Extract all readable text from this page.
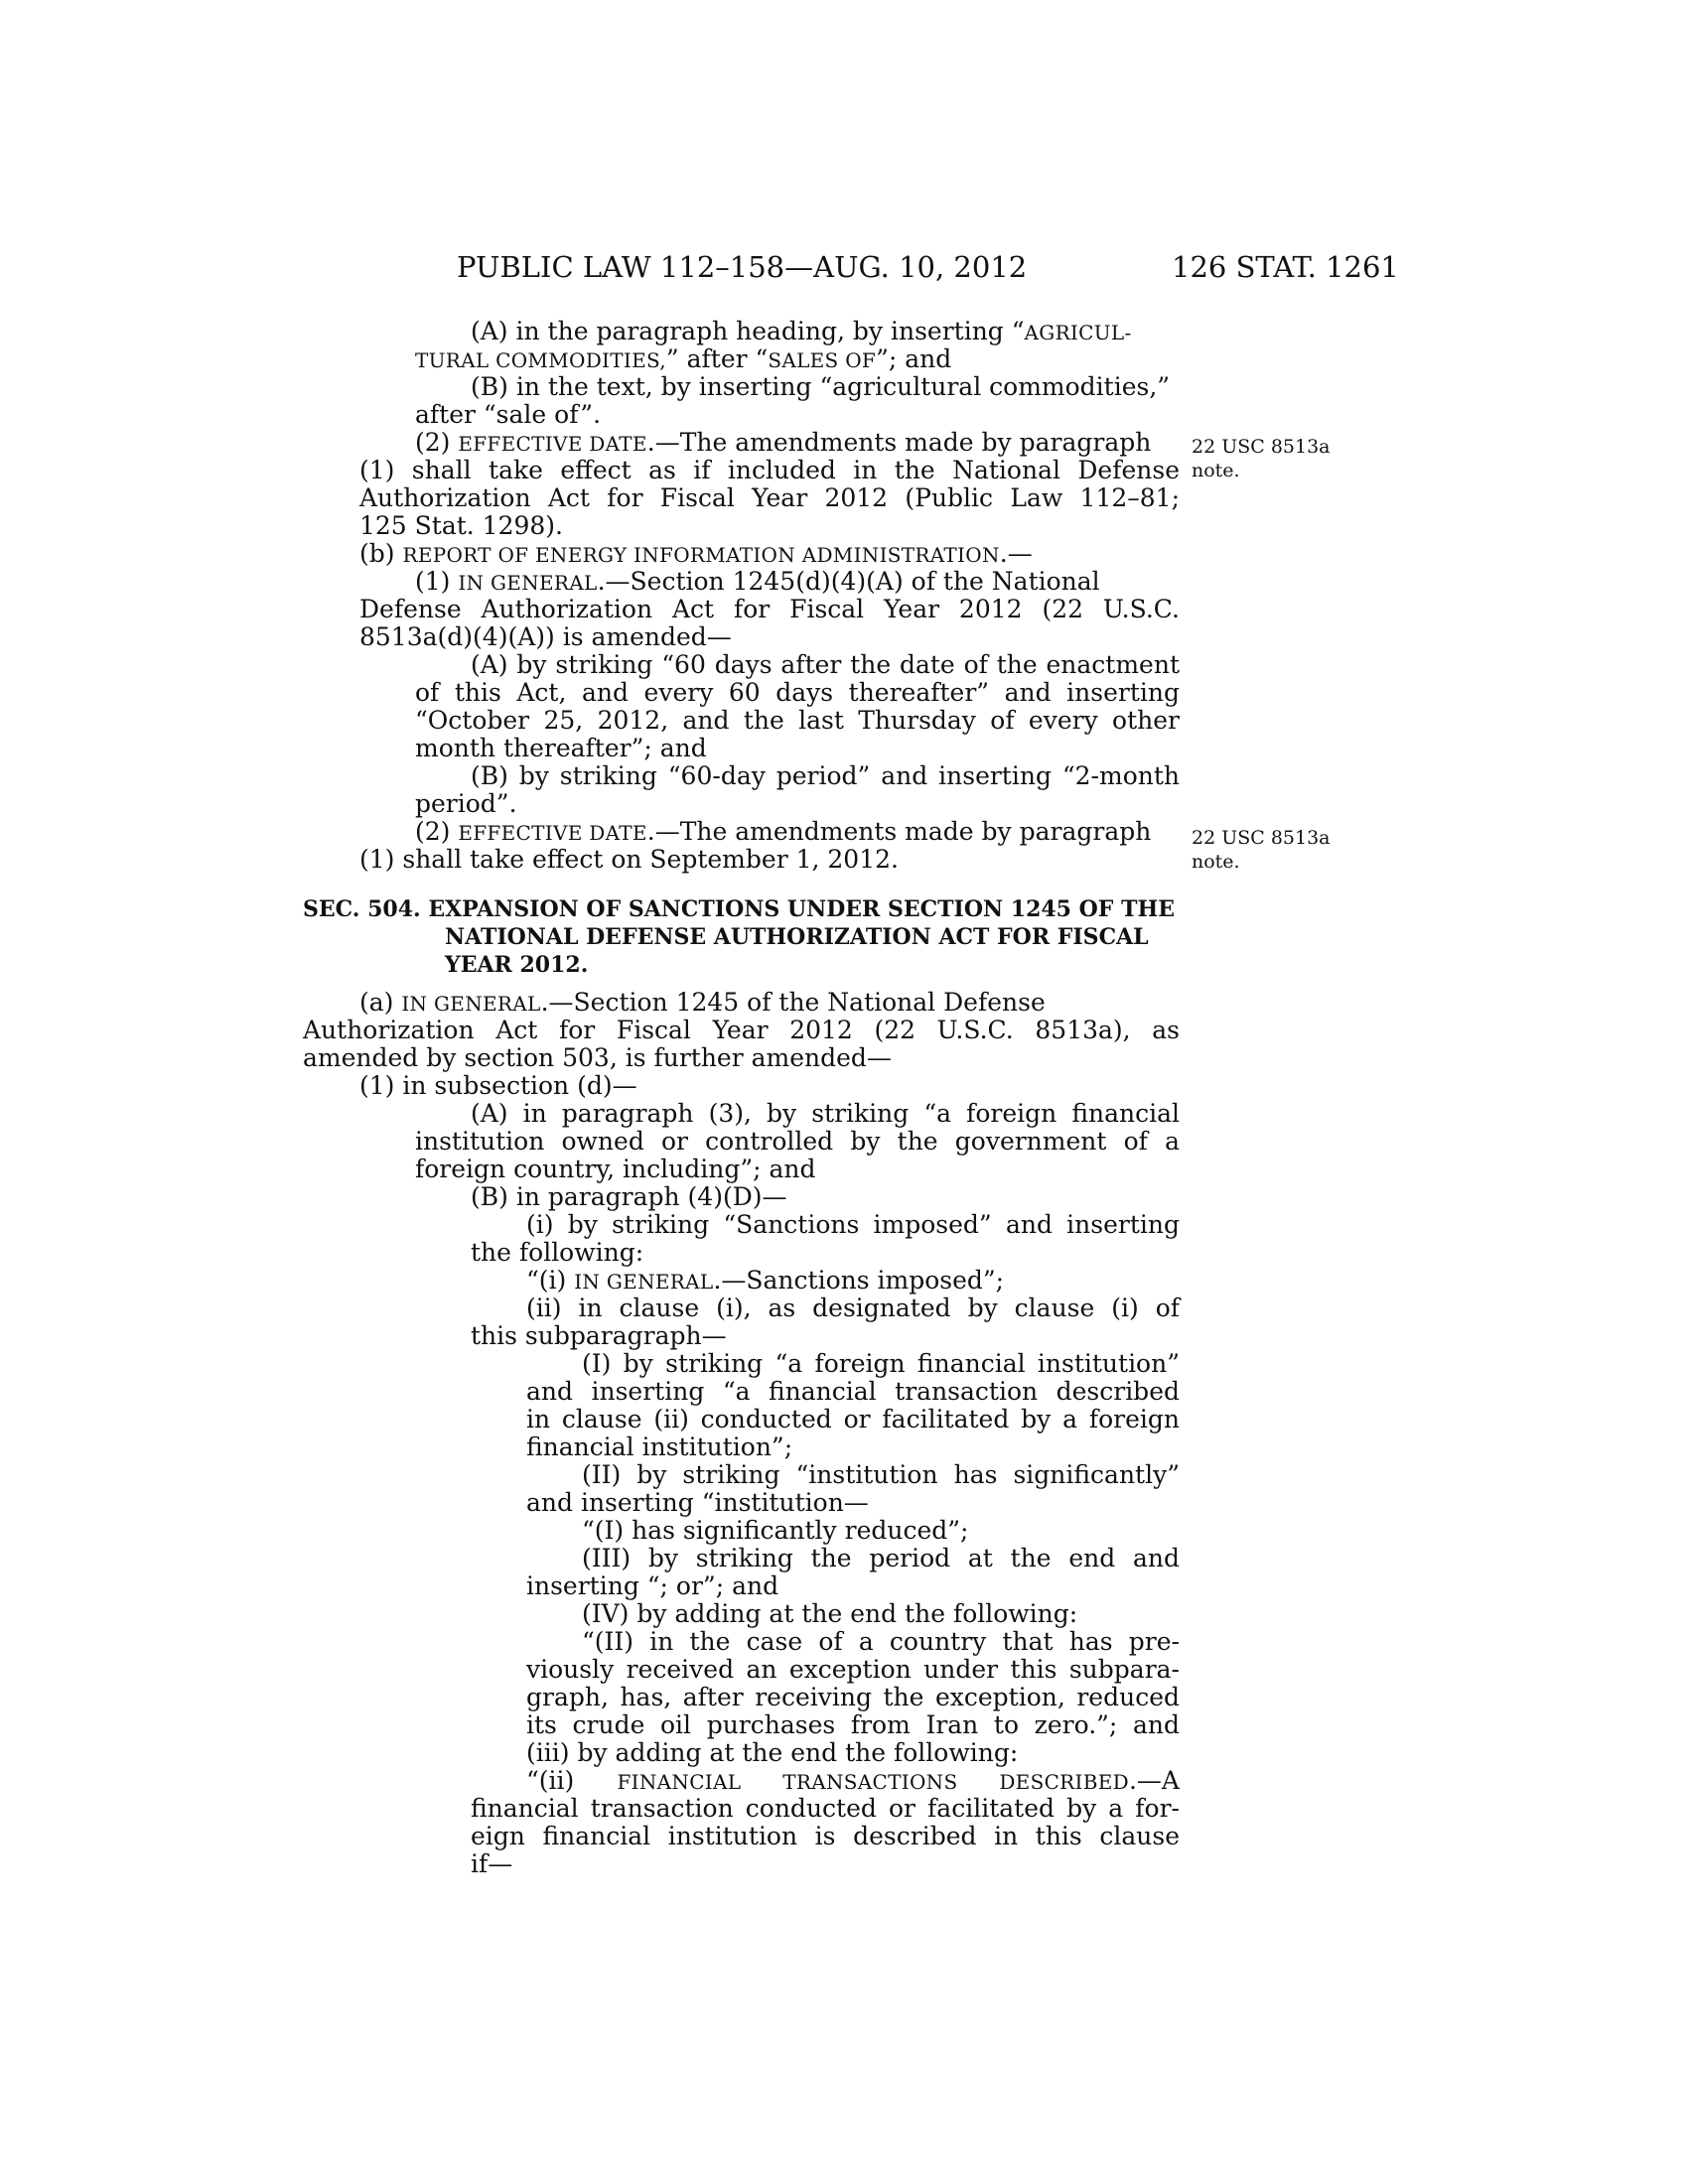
PUBLIC LAW 112–158—AUG. 10, 2012	126 STAT. 1261
22 USC 8513a
note.
22 USC 8513a
note.
(A) in the paragraph heading, by inserting “AGRICUL-
TURAL COMMODITIES,” after “SALES OF”; and
(B) in the text, by inserting “agricultural commodities,”
after “sale of”.
(2) EFFECTIVE DATE.—The amendments made by paragraph
(1) shall take effect as if included in the National Defense
Authorization Act for Fiscal Year 2012 (Public Law 112–81;
125 Stat. 1298).
(b) REPORT OF ENERGY INFORMATION ADMINISTRATION.—
(1) IN GENERAL.—Section 1245(d)(4)(A) of the National
Defense Authorization Act for Fiscal Year 2012 (22 U.S.C.
8513a(d)(4)(A)) is amended—
(A) by striking “60 days after the date of the enactment
of this Act, and every 60 days thereafter” and inserting
“October 25, 2012, and the last Thursday of every other
month thereafter”; and
(B) by striking “60-day period” and inserting “2-month
period”.
(2) EFFECTIVE DATE.—The amendments made by paragraph
(1) shall take effect on September 1, 2012.
SEC. 504. EXPANSION OF SANCTIONS UNDER SECTION 1245 OF THE
NATIONAL DEFENSE AUTHORIZATION ACT FOR FISCAL
YEAR 2012.
(a) IN GENERAL.—Section 1245 of the National Defense
Authorization Act for Fiscal Year 2012 (22 U.S.C. 8513a), as
amended by section 503, is further amended—
(1) in subsection (d)—
(A) in paragraph (3), by striking “a foreign financial
institution owned or controlled by the government of a
foreign country, including”; and
(B) in paragraph (4)(D)—
(i) by striking “Sanctions imposed” and inserting
the following:
“(i) IN GENERAL.—Sanctions imposed”;
(ii) in clause (i), as designated by clause (i) of
this subparagraph—
(I) by striking “a foreign financial institution”
and inserting “a financial transaction described
in clause (ii) conducted or facilitated by a foreign
financial institution”;
(II) by striking “institution has significantly”
and inserting “institution—
“(I) has significantly reduced”;
(III) by striking the period at the end and
inserting “; or”; and
(IV) by adding at the end the following:
“(II) in the case of a country that has pre-
viously received an exception under this subpara-
graph, has, after receiving the exception, reduced
its crude oil purchases from Iran to zero.”; and
(iii) by adding at the end the following:
“(ii) FINANCIAL TRANSACTIONS DESCRIBED.—A
financial transaction conducted or facilitated by a for-
eign financial institution is described in this clause
if—
